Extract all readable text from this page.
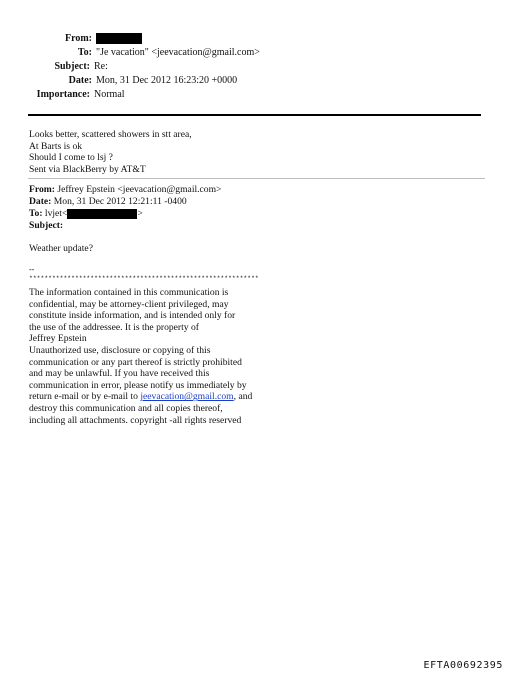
From:
To: "Je vacation" <jeevacation@gmail.com>
Subject: Re:
Date: Mon, 31 Dec 2012 16:23:20 +0000
Importance: Normal
Looks better, scattered showers in stt area,
At Barts is ok
Should I come to lsj ?
Sent via BlackBerry by AT&T
From: Jeffrey Epstein <jeevacation@gmail.com>
Date: Mon, 31 Dec 2012 12:21:11 -0400
To: lvjet<	>
Subject:
Weather update?
--
************************************************************
The information contained in this communication is
confidential, may be attorney-client privileged, may
constitute inside information, and is intended only for
the use of the addressee. It is the property of
Jeffrey Epstein
Unauthorized use, disclosure or copying of this
communication or any part thereof is strictly prohibited
and may be unlawful. If you have received this
communication in error, please notify us immediately by
return e-mail or by e-mail to jeevacation@gmail.com, and
destroy this communication and all copies thereof,
including all attachments. copyright -all rights reserved
EFTA00692395
